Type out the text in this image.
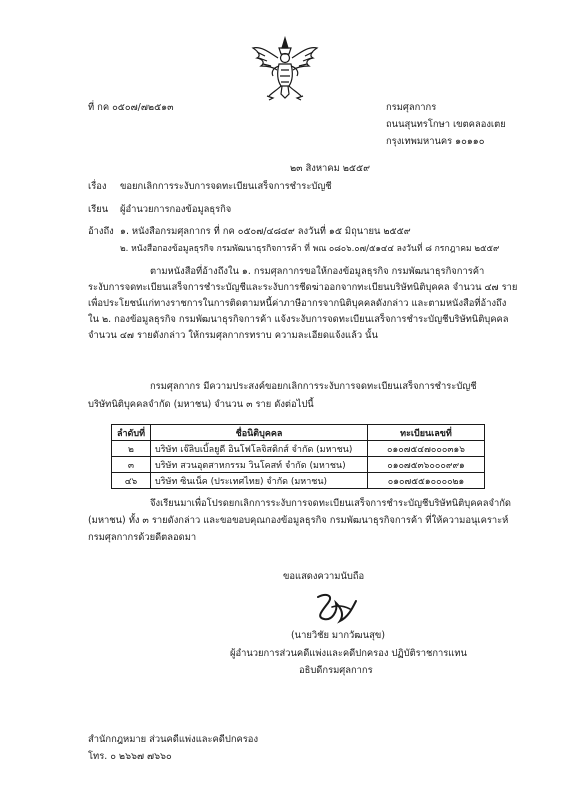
ที่ กค ๐๕๐๗/๗๒๕๑๓	กรมศุลกากร
ถนนสุนทรโกษา เขตคลองเตย
กรุงเทพมหานคร ๑๐๑๑๐
๒๓ สิงหาคม ๒๕๕๙
เรื่อง ขอยกเลิกการระงับการจดทะเบียนเสร็จการชำระบัญชี
เรียน ผู้อำนวยการกองข้อมูลธุรกิจ
อ้างถึง ๑. หนังสือกรมศุลกากร ที่ กค ๐๕๐๗/๔๘๔๙ ลงวันที่ ๑๕ มิถุนายน ๒๕๕๙
๒. หนังสือกองข้อมูลธุรกิจ กรมพัฒนาธุรกิจการค้า ที่ พณ ๐๘๐๖.๐๗/๕๑๔๔ ลงวันที่ ๘ กรกฎาคม ๒๕๕๙
ตามหนังสือที่อ้างถึงใน ๑. กรมศุลกากรขอให้กองข้อมูลธุรกิจ กรมพัฒนาธุรกิจการค้า
ระงับการจดทะเบียนเสร็จการชำระบัญชีและระงับการชีดฆ่าออกจากทะเบียนบริษัทนิติบุคคล จำนวน ๔๗ ราย
เพื่อประโยชน์แก่ทางราชการในการติดตามหนี้ค่าภาษีอากรจากนิติบุคคลดังกล่าว และตามหนังสือที่อ้างถึง
ใน ๒. กองข้อมูลธุรกิจ กรมพัฒนาธุรกิจการค้า แจ้งระงับการจดทะเบียนเสร็จการชำระบัญชีบริษัทนิติบุคคล
จำนวน ๔๗ รายดังกล่าว ให้กรมศุลกากรทราบ ความละเอียดแจ้งแล้ว นั้น
กรมศุลกากร มีความประสงค์ขอยกเลิกการระงับการจดทะเบียนเสร็จการชำระบัญชี
บริษัทนิติบุคคลจำกัด (มหาชน) จำนวน ๓ ราย ดังต่อไปนี้
ลำดับที่	ชื่อนิติบุคคล	ทะเบียนเลขที่
๒	บริษัท เจ๊ลิบเบิ้ลยูดี อินโฟโลจิสติกส์ จำกัด (มหาชน)	๐๑๐๗๕๔๗๐๐๐๓๑๖
๓	บริษัท สวนอุตสาหกรรม วินโคสท์ จำกัด (มหาชน)	๐๑๐๗๕๓๖๐๐๐๙๙๑
๔๖	บริษัท ซินเน็ค (ประเทศไทย) จำกัด (มหาชน)	๐๑๐๗๕๕๑๐๐๐๐๒๑
จึงเรียนมาเพื่อโปรดยกเลิกการระงับการจดทะเบียนเสร็จการชำระบัญชีบริษัทนิติบุคคลจำกัด
(มหาชน) ทั้ง ๓ รายดังกล่าว และขอขอบคุณกองข้อมูลธุรกิจ กรมพัฒนาธุรกิจการค้า ที่ให้ความอนุเคราะห์
กรมศุลกากรด้วยดีตลอดมา
ขอแสดงความนับถือ
(นายวิชัย มากวัฒนสุข)
ผู้อำนวยการส่วนคดีแพ่งและคดีปกครอง ปฏิบัติราชการแทน
อธิบดีกรมศุลกากร
สำนักกฎหมาย ส่วนคดีแพ่งและคดีปกครอง
โทร. ๐ ๒๖๖๗ ๗๖๖๐
